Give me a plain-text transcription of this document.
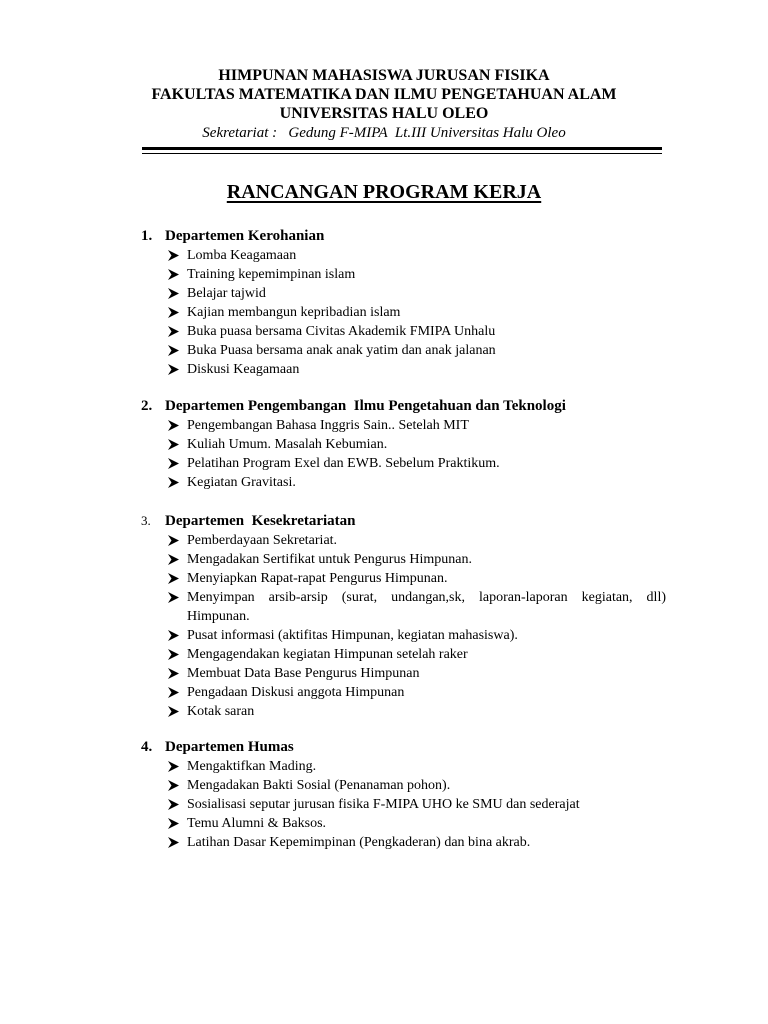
HIMPUNAN MAHASISWA JURUSAN FISIKA
FAKULTAS MATEMATIKA DAN ILMU PENGETAHUAN ALAM
UNIVERSITAS HALU OLEO
Sekretariat :   Gedung F-MIPA  Lt.III Universitas Halu Oleo
RANCANGAN PROGRAM KERJA
1. Departemen Kerohanian
Lomba Keagamaan
Training kepemimpinan islam
Belajar tajwid
Kajian membangun kepribadian islam
Buka puasa bersama Civitas Akademik FMIPA Unhalu
Buka Puasa bersama anak anak yatim dan anak jalanan
Diskusi Keagamaan
2. Departemen Pengembangan  Ilmu Pengetahuan dan Teknologi
Pengembangan Bahasa Inggris Sain.. Setelah MIT
Kuliah Umum. Masalah Kebumian.
Pelatihan Program Exel dan EWB. Sebelum Praktikum.
Kegiatan Gravitasi.
3. Departemen  Kesekretariatan
Pemberdayaan Sekretariat.
Mengadakan Sertifikat untuk Pengurus Himpunan.
Menyiapkan Rapat-rapat Pengurus Himpunan.
Menyimpan arsib-arsip (surat, undangan,sk, laporan-laporan kegiatan, dll) Himpunan.
Pusat informasi (aktifitas Himpunan, kegiatan mahasiswa).
Mengagendakan kegiatan Himpunan setelah raker
Membuat Data Base Pengurus Himpunan
Pengadaan Diskusi anggota Himpunan
Kotak saran
4. Departemen Humas
Mengaktifkan Mading.
Mengadakan Bakti Sosial (Penanaman pohon).
Sosialisasi seputar jurusan fisika F-MIPA UHO ke SMU dan sederajat
Temu Alumni & Baksos.
Latihan Dasar Kepemimpinan (Pengkaderan) dan bina akrab.
